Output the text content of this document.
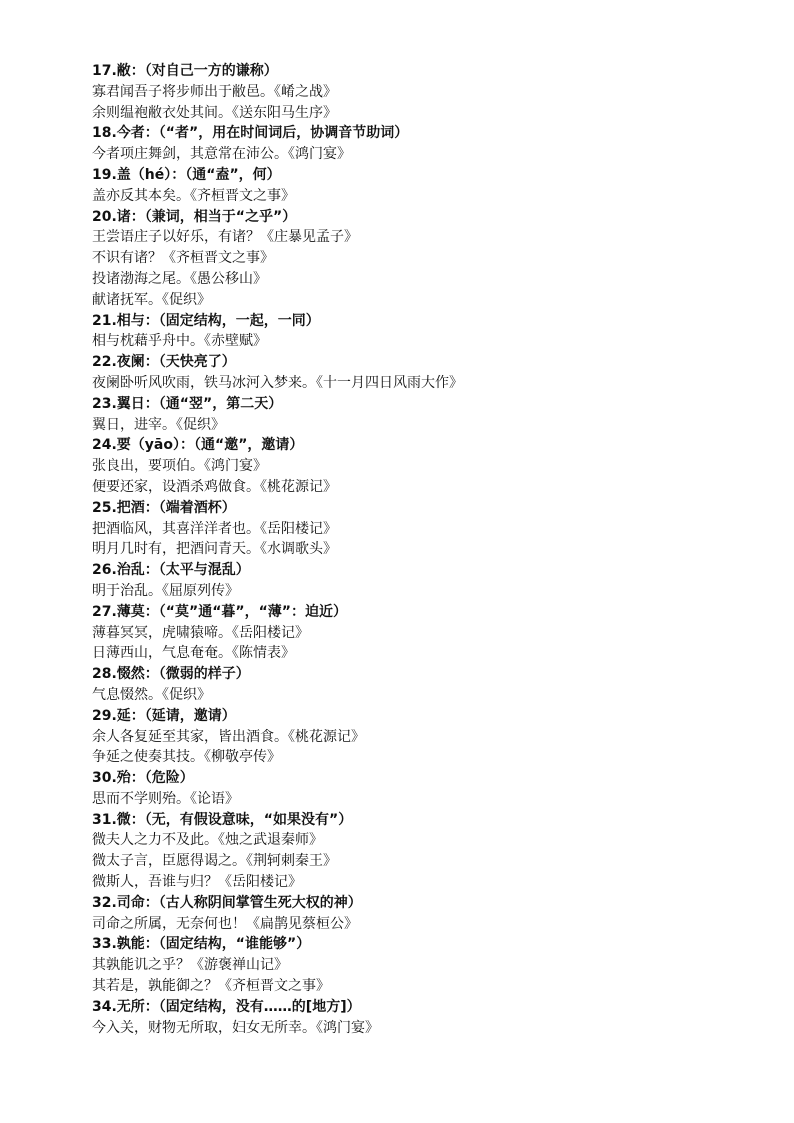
17.敝：（对自己一方的谦称）
寡君闻吾子将步师出于敝邑。《崤之战》
余则缊袍敝衣处其间。《送东阳马生序》
18.今者：（“者”，用在时间词后，协调音节助词）
今者项庄舞剑，其意常在沛公。《鸿门宴》
19.盖（hé）：（通“盍”，何）
盖亦反其本矣。《齐桓晋文之事》
20.诸：（兼词，相当于“之乎”）
王尝语庄子以好乐，有诸？《庄暴见孟子》
不识有诸？《齐桓晋文之事》
投诸渤海之尾。《愚公移山》
献诸抚军。《促织》
21.相与：（固定结构，一起，一同）
相与枕藉乎舟中。《赤壁赋》
22.夜阑：（天快亮了）
夜阑卧听风吹雨，铁马冰河入梦来。《十一月四日风雨大作》
23.翼日：（通“翌”，第二天）
翼日，进宰。《促织》
24.要（yāo）：（通“邀”，邀请）
张良出，要项伯。《鸿门宴》
便要还家，设酒杀鸡做食。《桃花源记》
25.把酒：（端着酒杯）
把酒临风，其喜洋洋者也。《岳阳楼记》
明月几时有，把酒问青天。《水调歌头》
26.治乱：（太平与混乱）
明于治乱。《屈原列传》
27.薄莫：（“莫”通“暮”，“薄”：迫近）
薄暮冥冥，虎啸猿啼。《岳阳楼记》
日薄西山，气息奄奄。《陈情表》
28.惙然：（微弱的样子）
气息惙然。《促织》
29.延：（延请，邀请）
余人各复延至其家，皆出酒食。《桃花源记》
争延之使奏其技。《柳敬亭传》
30.殆：（危险）
思而不学则殆。《论语》
31.微：（无，有假设意味，“如果没有”）
微夫人之力不及此。《烛之武退秦师》
微太子言，臣愿得谒之。《荆轲刺秦王》
微斯人，吾谁与归？《岳阳楼记》
32.司命：（古人称阴间掌管生死大权的神）
司命之所属，无奈何也！《扁鹊见蔡桓公》
33.孰能：（固定结构，“谁能够”）
其孰能讥之乎？《游褒禅山记》
其若是，孰能御之？《齐桓晋文之事》
34.无所：（固定结构，没有……的[地方]）
今入关，财物无所取，妇女无所幸。《鸿门宴》
